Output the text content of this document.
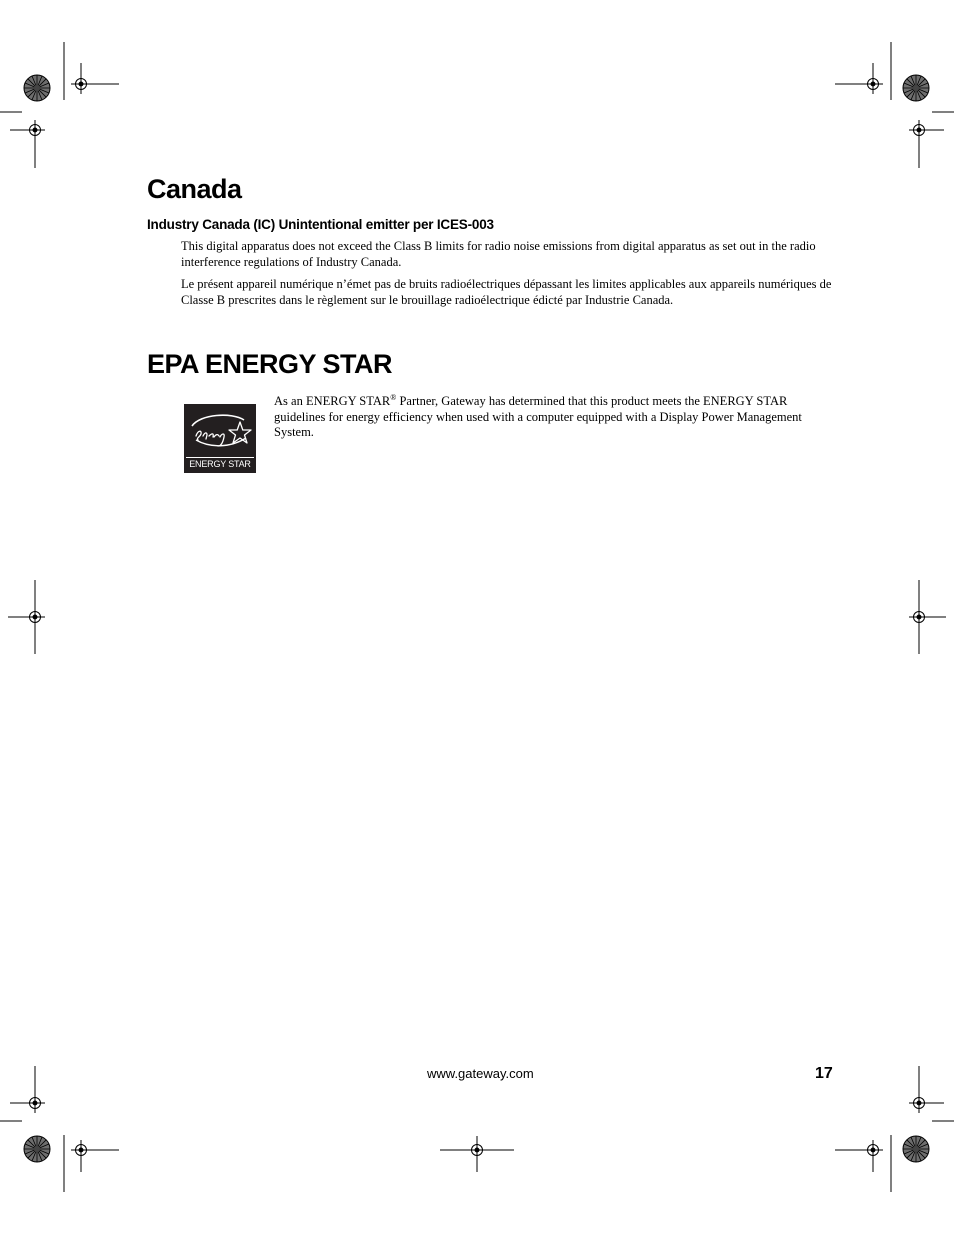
Canada
Industry Canada (IC) Unintentional emitter per ICES-003

This digital apparatus does not exceed the Class B limits for radio noise emissions from digital apparatus as set out in the radio interference regulations of Industry Canada.

Le présent appareil numérique n’émet pas de bruits radioélectriques dépassant les limites applicables aux appareils numériques de Classe B prescrites dans le règlement sur le brouillage radioélectrique édicté par Industrie Canada.

EPA ENERGY STAR
ENERGY STAR

As an ENERGY STAR® Partner, Gateway has determined that this product meets the ENERGY STAR guidelines for energy efficiency when used with a computer equipped with a Display Power Management System.

www.gateway.com	17
